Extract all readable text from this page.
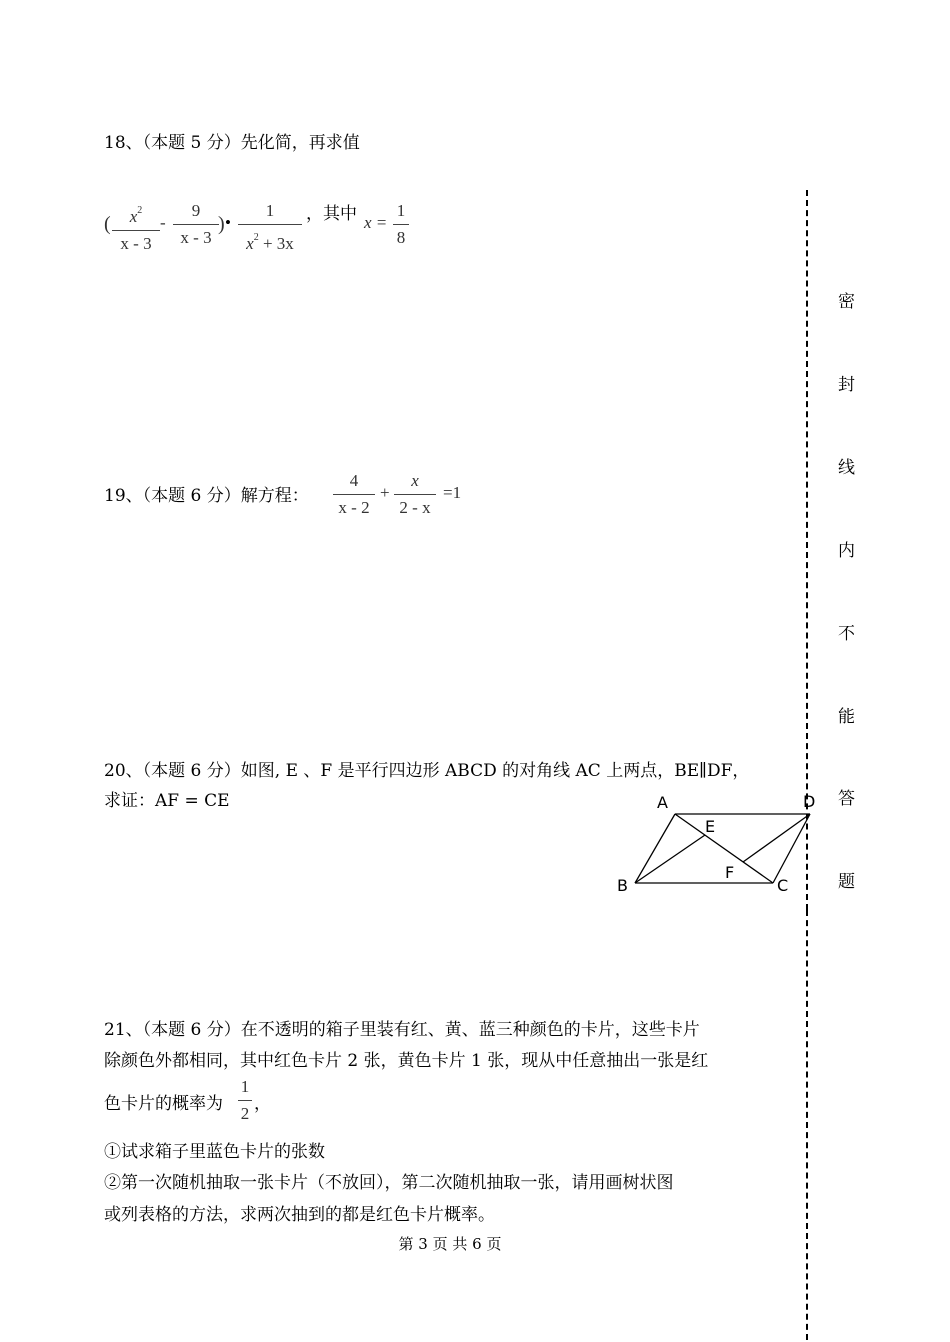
18、（本题 5 分）先化简，再求值
(	$x^2$
x - 3
-
9
x - 3
) •
1
$x^2 + 3x$
，其中 x =
1
8
19、（本题 6 分）解方程：
4
x - 2
+
x
2 - x
=1
20、（本题 6 分）如图, E 、F 是平行四边形 ABCD 的对角线 AC 上两点，BE∥DF，
求证：AF = CE	A	D
E
F
B	C
21、（本题 6 分）在不透明的箱子里装有红、黄、蓝三种颜色的卡片，这些卡片
除颜色外都相同，其中红色卡片 2 张，黄色卡片 1 张，现从中任意抽出一张是红
色卡片的概率为
1
2 ，
①试求箱子里蓝色卡片的张数
②第一次随机抽取一张卡片（不放回），第二次随机抽取一张，请用画树状图
或列表格的方法，求两次抽到的都是红色卡片概率。
第 3 页 共 6 页
密
封
线
内
不
能
答
题
